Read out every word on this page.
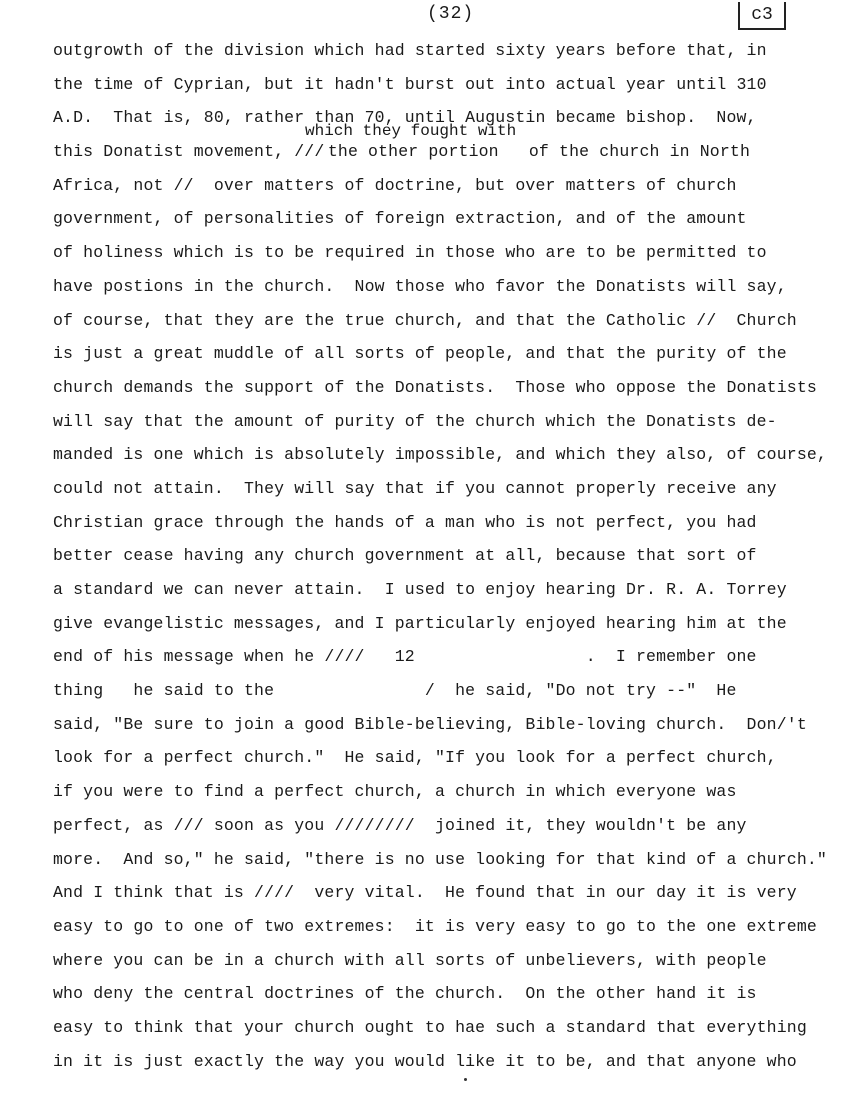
(32)	c3
which they fought with
outgrowth of the division which had started sixty years before that, in
the time of Cyprian, but it hadn't burst out into actual year until 310
A.D.  That is, 80, rather than 70, until Augustin became bishop.  Now,
this Donatist movement, /// the other portion   of the church in North
Africa, not //  over matters of doctrine, but over matters of church
government, of personalities of foreign extraction, and of the amount
of holiness which is to be required in those who are to be permitted to
have postions in the church.  Now those who favor the Donatists will say,
of course, that they are the true church, and that the Catholic //  Church
is just a great muddle of all sorts of people, and that the purity of the
church demands the support of the Donatists.  Those who oppose the Donatists
will say that the amount of purity of the church which the Donatists de-
manded is one which is absolutely impossible, and which they also, of course,
could not attain.  They will say that if you cannot properly receive any
Christian grace through the hands of a man who is not perfect, you had
better cease having any church government at all, because that sort of
a standard we can never attain.  I used to enjoy hearing Dr. R. A. Torrey
give evangelistic messages, and I particularly enjoyed hearing him at the
end of his message when he ////   12                 .  I remember one
thing   he said to the               /  he said, "Do not try --"  He
said, "Be sure to join a good Bible-believing, Bible-loving church.  Don/'t
look for a perfect church."  He said, "If you look for a perfect church,
if you were to find a perfect church, a church in which everyone was
perfect, as /// soon as you ////////  joined it, they wouldn't be any
more.  And so," he said, "there is no use looking for that kind of a church."
And I think that is ////  very vital.  He found that in our day it is very
easy to go to one of two extremes:  it is very easy to go to the one extreme
where you can be in a church with all sorts of unbelievers, with people
who deny the central doctrines of the church.  On the other hand it is
easy to think that your church ought to hae such a standard that everything
in it is just exactly the way you would like it to be, and that anyone who
